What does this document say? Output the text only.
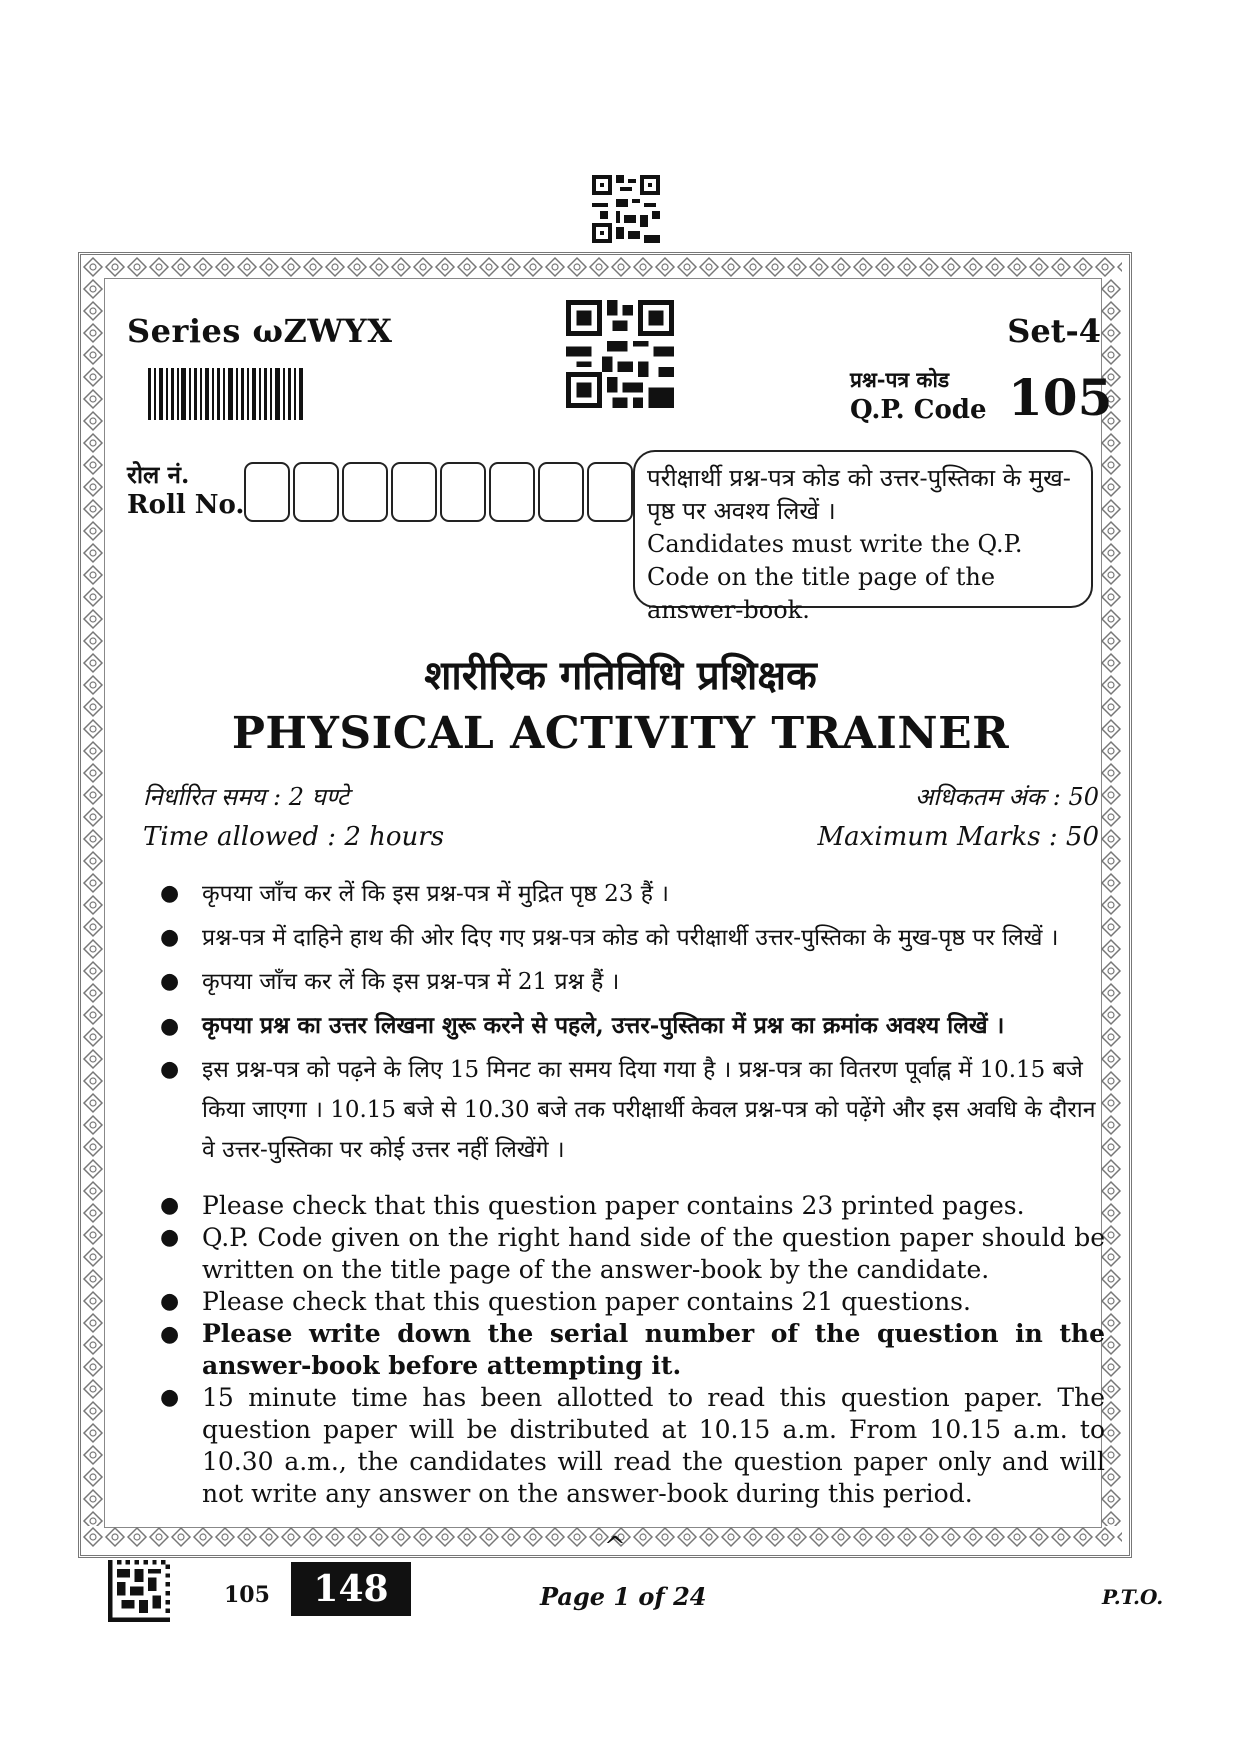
Series ωZWYX	Set-4
प्रश्न-पत्र कोड
Q.P. Code 105
रोल नं.
Roll No.

परीक्षार्थी प्रश्न-पत्र कोड को उत्तर-पुस्तिका के मुख-पृष्ठ पर अवश्य लिखें ।

Candidates must write the Q.P. Code on the title page of the answer-book.

शारीरिक गतिविधि प्रशिक्षक
PHYSICAL ACTIVITY TRAINER
निर्धारित समय : 2 घण्टे
Time allowed : 2 hours
अधिकतम अंक : 50
Maximum Marks : 50
● कृपया जाँच कर लें कि इस प्रश्न-पत्र में मुद्रित पृष्ठ 23 हैं ।
● प्रश्न-पत्र में दाहिने हाथ की ओर दिए गए प्रश्न-पत्र कोड को परीक्षार्थी उत्तर-पुस्तिका के मुख-पृष्ठ पर लिखें ।
● कृपया जाँच कर लें कि इस प्रश्न-पत्र में 21 प्रश्न हैं ।
● कृपया प्रश्न का उत्तर लिखना शुरू करने से पहले, उत्तर-पुस्तिका में प्रश्न का क्रमांक अवश्य लिखें ।
● इस प्रश्न-पत्र को पढ़ने के लिए 15 मिनट का समय दिया गया है । प्रश्न-पत्र का वितरण पूर्वाह्न में 10.15 बजे किया जाएगा । 10.15 बजे से 10.30 बजे तक परीक्षार्थी केवल प्रश्न-पत्र को पढ़ेंगे और इस अवधि के दौरान वे उत्तर-पुस्तिका पर कोई उत्तर नहीं लिखेंगे ।
● Please check that this question paper contains 23 printed pages.
● Q.P. Code given on the right hand side of the question paper should be written on the title page of the answer-book by the candidate.
● Please check that this question paper contains 21 questions.
● Please write down the serial number of the question in the answer-book before attempting it.
● 15 minute time has been allotted to read this question paper. The question paper will be distributed at 10.15 a.m. From 10.15 a.m. to 10.30 a.m., the candidates will read the question paper only and will not write any answer on the answer-book during this period.
^
105	148	Page 1 of 24	P.T.O.
